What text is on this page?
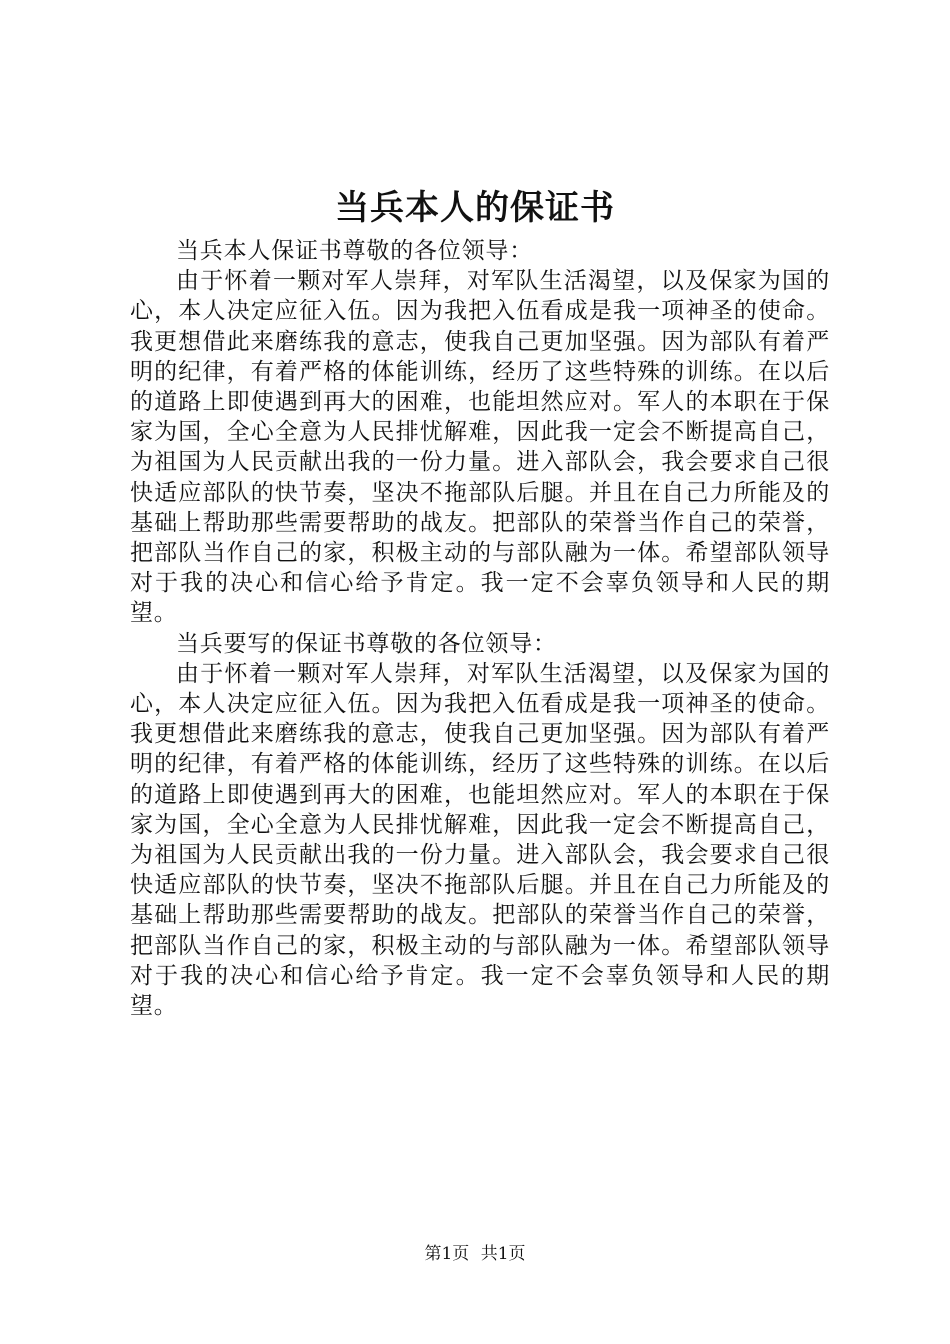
当兵本人的保证书

当兵本人保证书尊敬的各位领导：

由于怀着一颗对军人崇拜，对军队生活渴望，以及保家为国的心，本人决定应征入伍。因为我把入伍看成是我一项神圣的使命。我更想借此来磨练我的意志，使我自己更加坚强。因为部队有着严明的纪律，有着严格的体能训练，经历了这些特殊的训练。在以后的道路上即使遇到再大的困难，也能坦然应对。军人的本职在于保家为国，全心全意为人民排忧解难，因此我一定会不断提高自己，为祖国为人民贡献出我的一份力量。进入部队会，我会要求自己很快适应部队的快节奏，坚决不拖部队后腿。并且在自己力所能及的基础上帮助那些需要帮助的战友。把部队的荣誉当作自己的荣誉，把部队当作自己的家，积极主动的与部队融为一体。希望部队领导对于我的决心和信心给予肯定。我一定不会辜负领导和人民的期望。

当兵要写的保证书尊敬的各位领导：

由于怀着一颗对军人崇拜，对军队生活渴望，以及保家为国的心，本人决定应征入伍。因为我把入伍看成是我一项神圣的使命。我更想借此来磨练我的意志，使我自己更加坚强。因为部队有着严明的纪律，有着严格的体能训练，经历了这些特殊的训练。在以后的道路上即使遇到再大的困难，也能坦然应对。军人的本职在于保家为国，全心全意为人民排忧解难，因此我一定会不断提高自己，为祖国为人民贡献出我的一份力量。进入部队会，我会要求自己很快适应部队的快节奏，坚决不拖部队后腿。并且在自己力所能及的基础上帮助那些需要帮助的战友。把部队的荣誉当作自己的荣誉，把部队当作自己的家，积极主动的与部队融为一体。希望部队领导对于我的决心和信心给予肯定。我一定不会辜负领导和人民的期望。

第1页 共1页
